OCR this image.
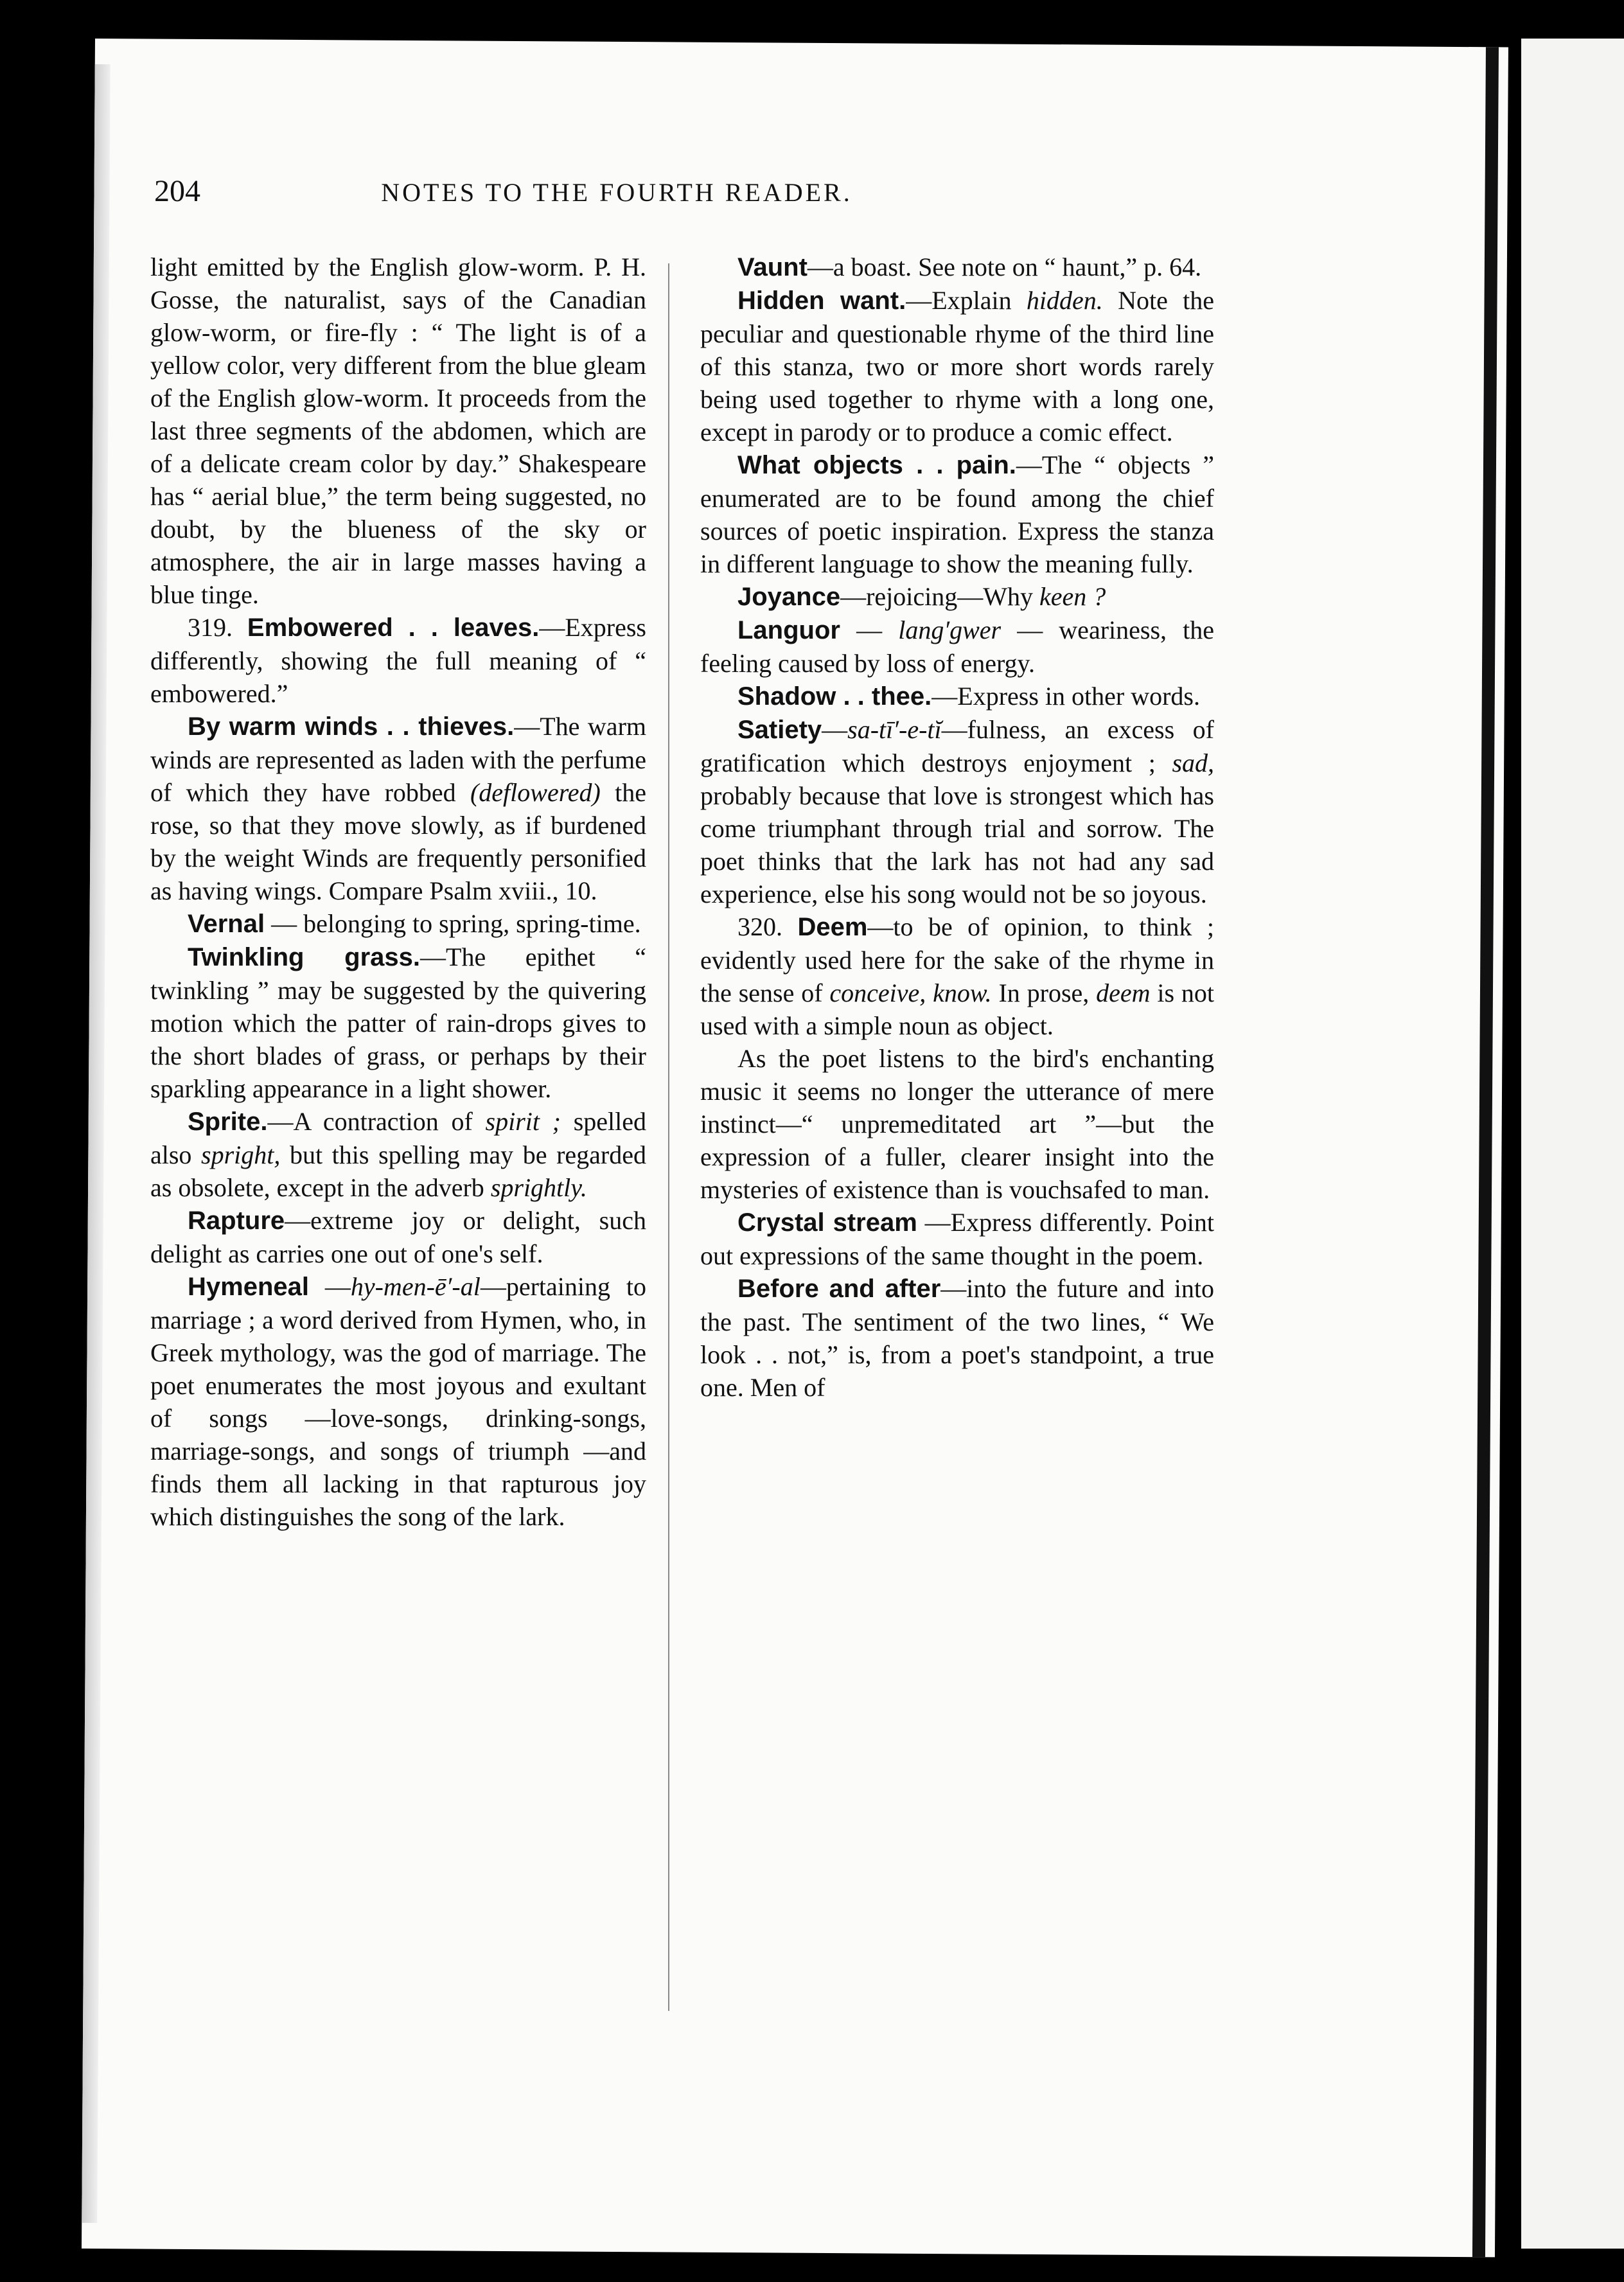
204	NOTES TO THE FOURTH READER.

light emitted by the English glow-worm. P. H. Gosse, the naturalist, says of the Canadian glow-worm, or fire-fly : “ The light is of a yellow color, very different from the blue gleam of the English glow-worm. It proceeds from the last three segments of the abdomen, which are of a delicate cream color by day.” Shakespeare has “ aerial blue,” the term being suggested, no doubt, by the blueness of the sky or atmosphere, the air in large masses having a blue tinge.

319. Embowered . . leaves.—Express differently, showing the full meaning of “ embowered.”

By warm winds . . thieves.—The warm winds are represented as laden with the perfume of which they have robbed (deflowered) the rose, so that they move slowly, as if burdened by the weight Winds are frequently personified as having wings. Compare Psalm xviii., 10.

Vernal — belonging to spring, spring-time.

Twinkling grass.—The epithet “ twinkling ” may be suggested by the quivering motion which the patter of rain-drops gives to the short blades of grass, or perhaps by their sparkling appearance in a light shower.

Sprite.—A contraction of spirit ; spelled also spright, but this spelling may be regarded as obsolete, except in the adverb sprightly.

Rapture—extreme joy or delight, such delight as carries one out of one's self.

Hymeneal —hy-men-ē′-al—pertaining to marriage ; a word derived from Hymen, who, in Greek mythology, was the god of marriage. The poet enumerates the most joyous and exultant of songs —love-songs, drinking-songs, marriage-songs, and songs of triumph —and finds them all lacking in that rapturous joy which distinguishes the song of the lark.

Vaunt—a boast. See note on “ haunt,” p. 64.

Hidden want.—Explain hidden. Note the peculiar and questionable rhyme of the third line of this stanza, two or more short words rarely being used together to rhyme with a long one, except in parody or to produce a comic effect.

What objects . . pain.—The “ objects ” enumerated are to be found among the chief sources of poetic inspiration. Express the stanza in different language to show the meaning fully.

Joyance—rejoicing—Why keen ?

Languor — lang′gwer — weariness, the feeling caused by loss of energy.

Shadow . . thee.—Express in other words.

Satiety—sa-tī′-e-tĭ—fulness, an excess of gratification which destroys enjoyment ; sad, probably because that love is strongest which has come triumphant through trial and sorrow. The poet thinks that the lark has not had any sad experience, else his song would not be so joyous.

320. Deem—to be of opinion, to think ; evidently used here for the sake of the rhyme in the sense of conceive, know. In prose, deem is not used with a simple noun as object.

As the poet listens to the bird's enchanting music it seems no longer the utterance of mere instinct—“ unpremeditated art ”—but the expression of a fuller, clearer insight into the mysteries of existence than is vouchsafed to man.

Crystal stream —Express differently. Point out expressions of the same thought in the poem.

Before and after—into the future and into the past. The sentiment of the two lines, “ We look . . not,” is, from a poet's standpoint, a true one. Men of
